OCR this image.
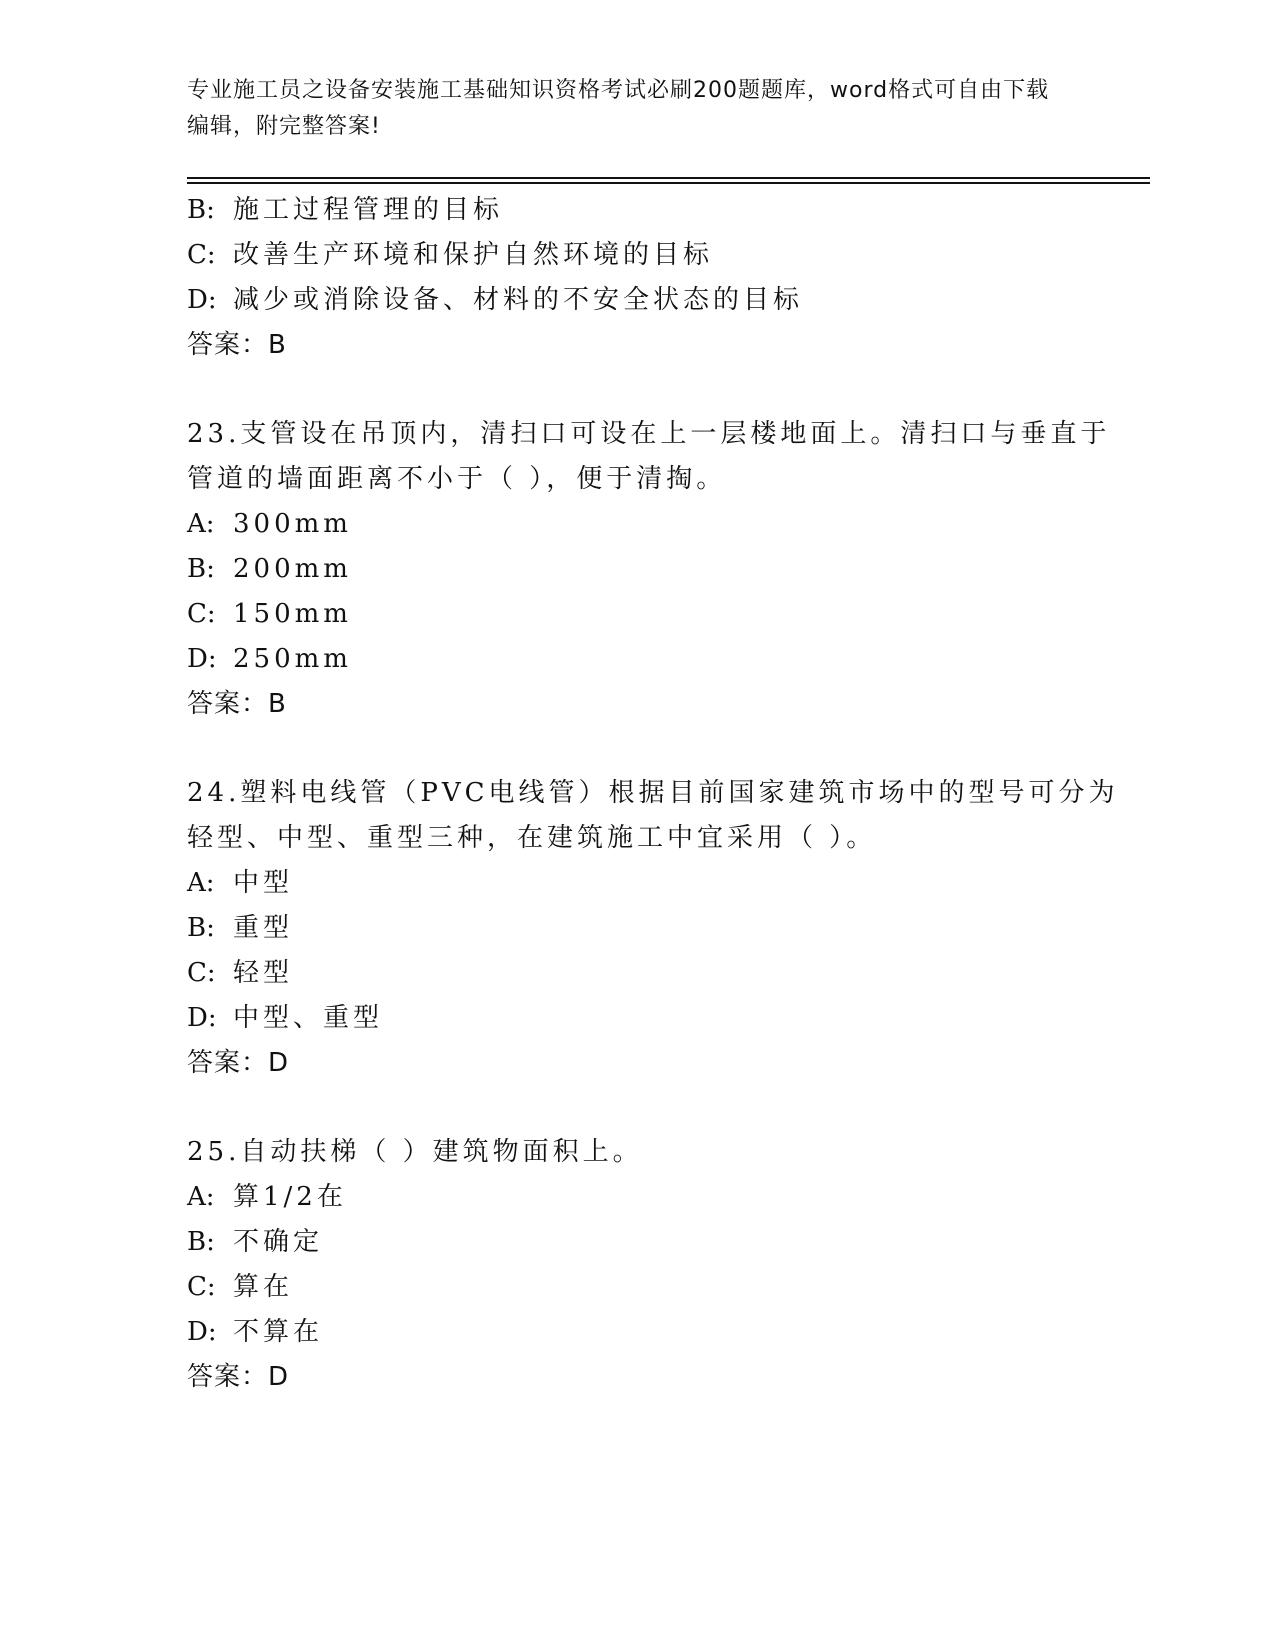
专业施工员之设备安装施工基础知识资格考试必刷200题题库，word格式可自由下载编辑，附完整答案!
B: 施工过程管理的目标
C: 改善生产环境和保护自然环境的目标
D: 减少或消除设备、材料的不安全状态的目标
答案：B
23.支管设在吊顶内，清扫口可设在上一层楼地面上。清扫口与垂直于
管道的墙面距离不小于（ ），便于清掏。
A: 300mm
B: 200mm
C: 150mm
D: 250mm
答案：B
24.塑料电线管（PVC电线管）根据目前国家建筑市场中的型号可分为
轻型、中型、重型三种，在建筑施工中宜采用（ ）。
A: 中型
B: 重型
C: 轻型
D: 中型、重型
答案：D
25.自动扶梯（ ）建筑物面积上。
A: 算1/2在
B: 不确定
C: 算在
D: 不算在
答案：D
